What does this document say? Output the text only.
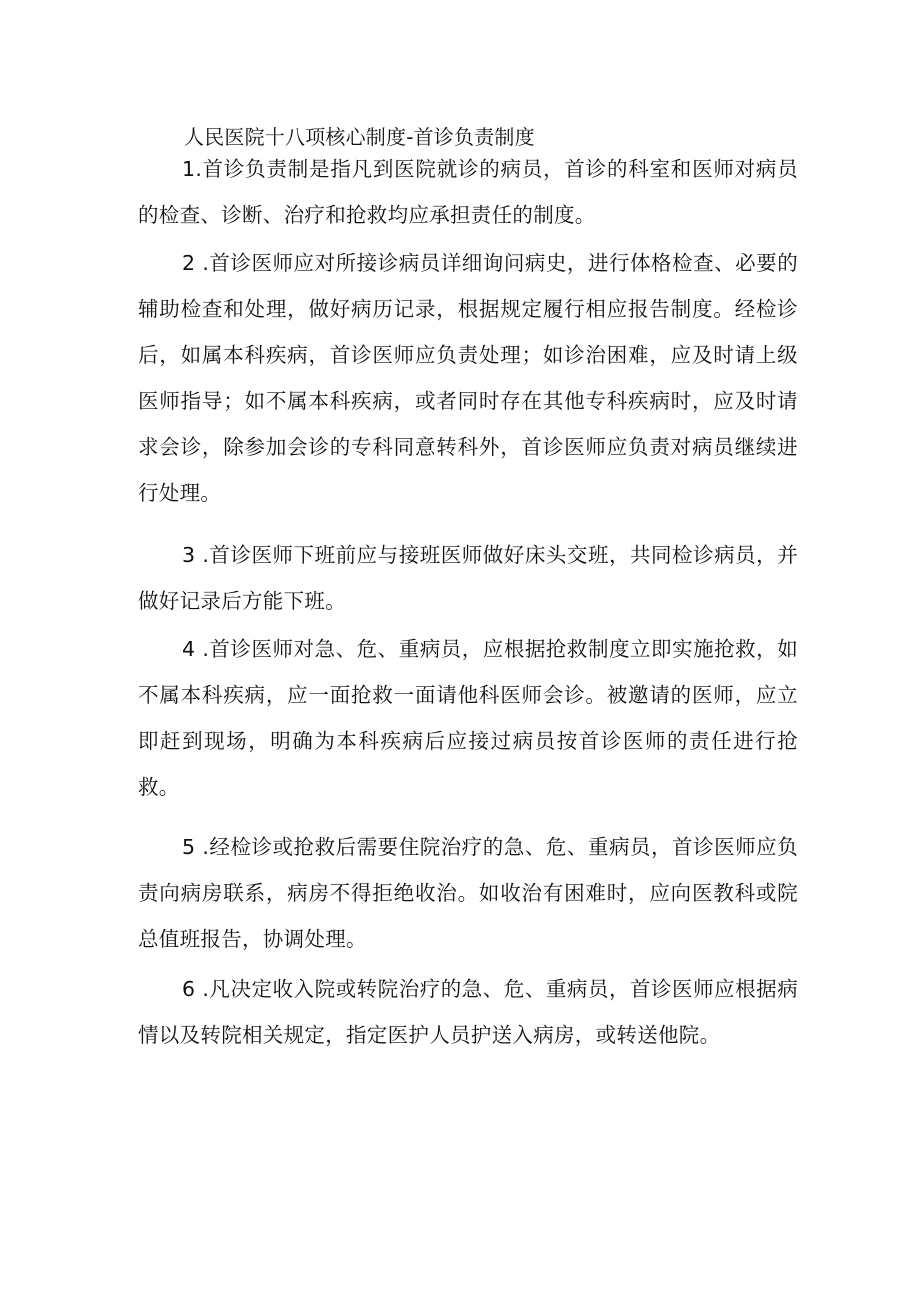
人民医院十八项核心制度-首诊负责制度

1.首诊负责制是指凡到医院就诊的病员，首诊的科室和医师对病员的检查、诊断、治疗和抢救均应承担责任的制度。

2 .首诊医师应对所接诊病员详细询问病史，进行体格检查、必要的辅助检查和处理，做好病历记录，根据规定履行相应报告制度。经检诊后，如属本科疾病，首诊医师应负责处理；如诊治困难，应及时请上级医师指导；如不属本科疾病，或者同时存在其他专科疾病时，应及时请求会诊，除参加会诊的专科同意转科外，首诊医师应负责对病员继续进行处理。

3 .首诊医师下班前应与接班医师做好床头交班，共同检诊病员，并做好记录后方能下班。

4 .首诊医师对急、危、重病员，应根据抢救制度立即实施抢救，如不属本科疾病，应一面抢救一面请他科医师会诊。被邀请的医师，应立即赶到现场，明确为本科疾病后应接过病员按首诊医师的责任进行抢救。

5 .经检诊或抢救后需要住院治疗的急、危、重病员，首诊医师应负责向病房联系，病房不得拒绝收治。如收治有困难时，应向医教科或院总值班报告，协调处理。

6 .凡决定收入院或转院治疗的急、危、重病员，首诊医师应根据病情以及转院相关规定，指定医护人员护送入病房，或转送他院。
